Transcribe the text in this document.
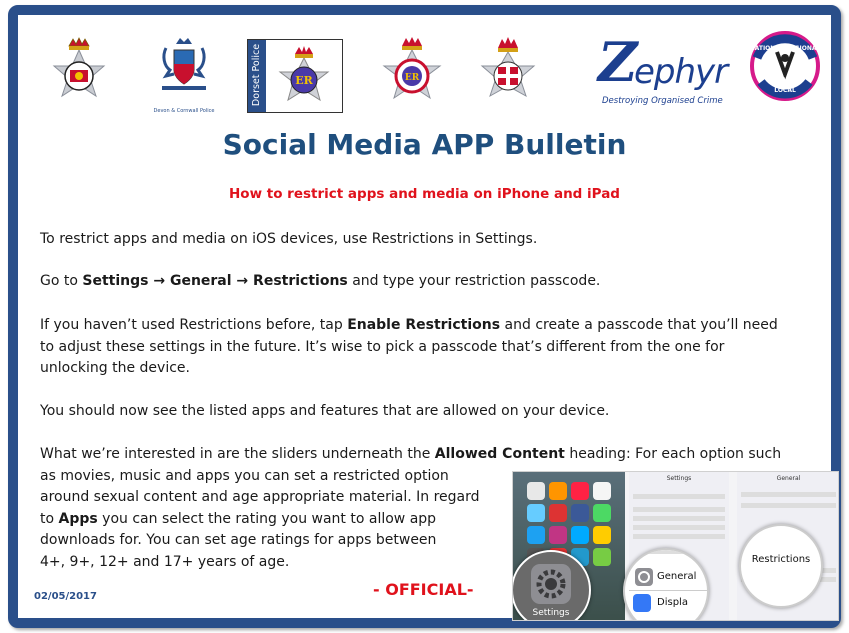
Devon & Cornwall Police
Dorset Police	ER	ER	Z
ephyr
Destroying Organised Crime
NATIONAL REGIONAL
GAIN
LOCAL
Social Media APP Bulletin
How to restrict apps and media on iPhone and iPad
To restrict apps and media on iOS devices, use Restrictions in Settings.
Go to Settings → General → Restrictions and type your restriction passcode.
If you haven’t used Restrictions before, tap Enable Restrictions and create a passcode that you’ll need to adjust these settings in the future. It’s wise to pick a passcode that’s different from the one for unlocking the device.
You should now see the listed apps and features that are allowed on your device.
What we’re interested in are the sliders underneath the Allowed Content heading: For each option such
as movies, music and apps you can set a restricted option
around sexual content and age appropriate material. In regard
to Apps you can select the rating you want to allow app
downloads for. You can set age ratings for apps between
4+, 9+, 12+ and 17+ years of age.
Settings
Settings
General
Displa
General
Restrictions
02/05/2017	- OFFICIAL-
